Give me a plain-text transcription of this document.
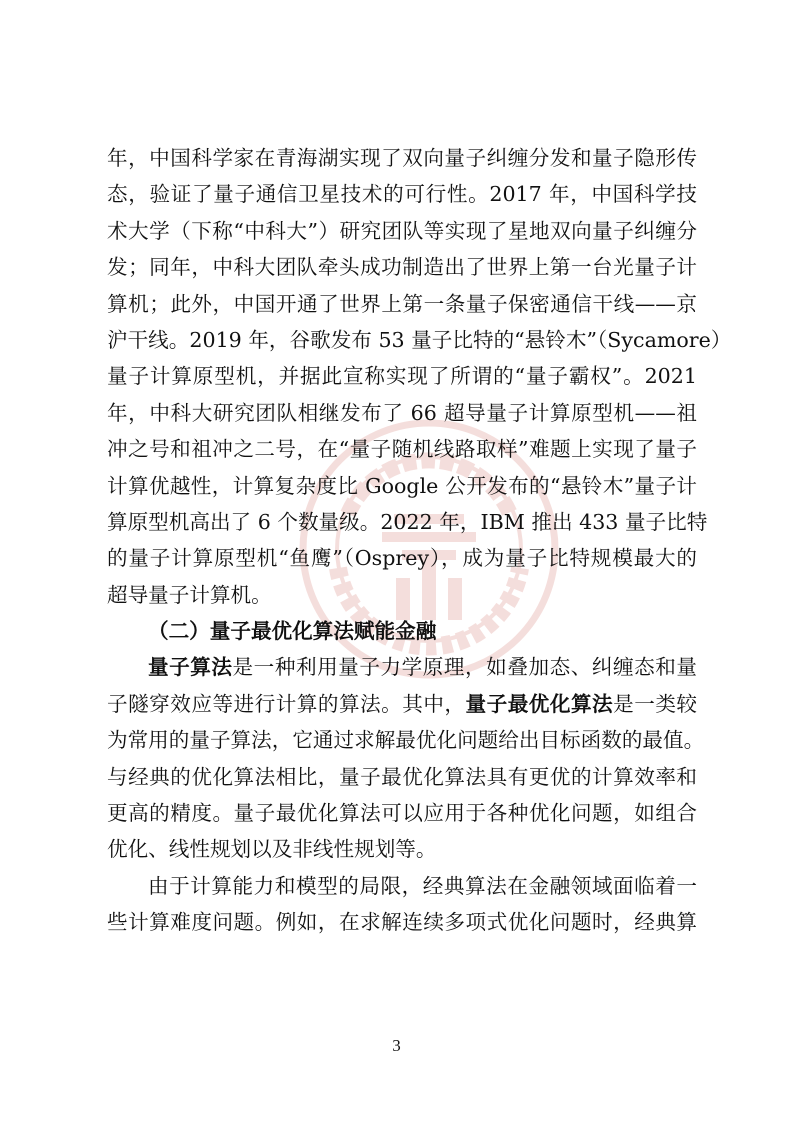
年，中国科学家在青海湖实现了双向量子纠缠分发和量子隐形传
态，验证了量子通信卫星技术的可行性。2017 年，中国科学技
术大学（下称“中科大”）研究团队等实现了星地双向量子纠缠分
发；同年，中科大团队牵头成功制造出了世界上第一台光量子计
算机；此外，中国开通了世界上第一条量子保密通信干线——京
沪干线。2019 年，谷歌发布 53 量子比特的“悬铃木”（Sycamore）
量子计算原型机，并据此宣称实现了所谓的“量子霸权”。2021
年，中科大研究团队相继发布了 66 超导量子计算原型机——祖
冲之号和祖冲之二号，在“量子随机线路取样”难题上实现了量子
计算优越性，计算复杂度比 Google 公开发布的“悬铃木”量子计
算原型机高出了 6 个数量级。2022 年，IBM 推出 433 量子比特
的量子计算原型机“鱼鹰”（Osprey），成为量子比特规模最大的
超导量子计算机。

（二）量子最优化算法赋能金融

量子算法是一种利用量子力学原理，如叠加态、纠缠态和量
子隧穿效应等进行计算的算法。其中，量子最优化算法是一类较
为常用的量子算法，它通过求解最优化问题给出目标函数的最值。
与经典的优化算法相比，量子最优化算法具有更优的计算效率和
更高的精度。量子最优化算法可以应用于各种优化问题，如组合
优化、线性规划以及非线性规划等。

由于计算能力和模型的局限，经典算法在金融领域面临着一
些计算难度问题。例如，在求解连续多项式优化问题时，经典算

3
